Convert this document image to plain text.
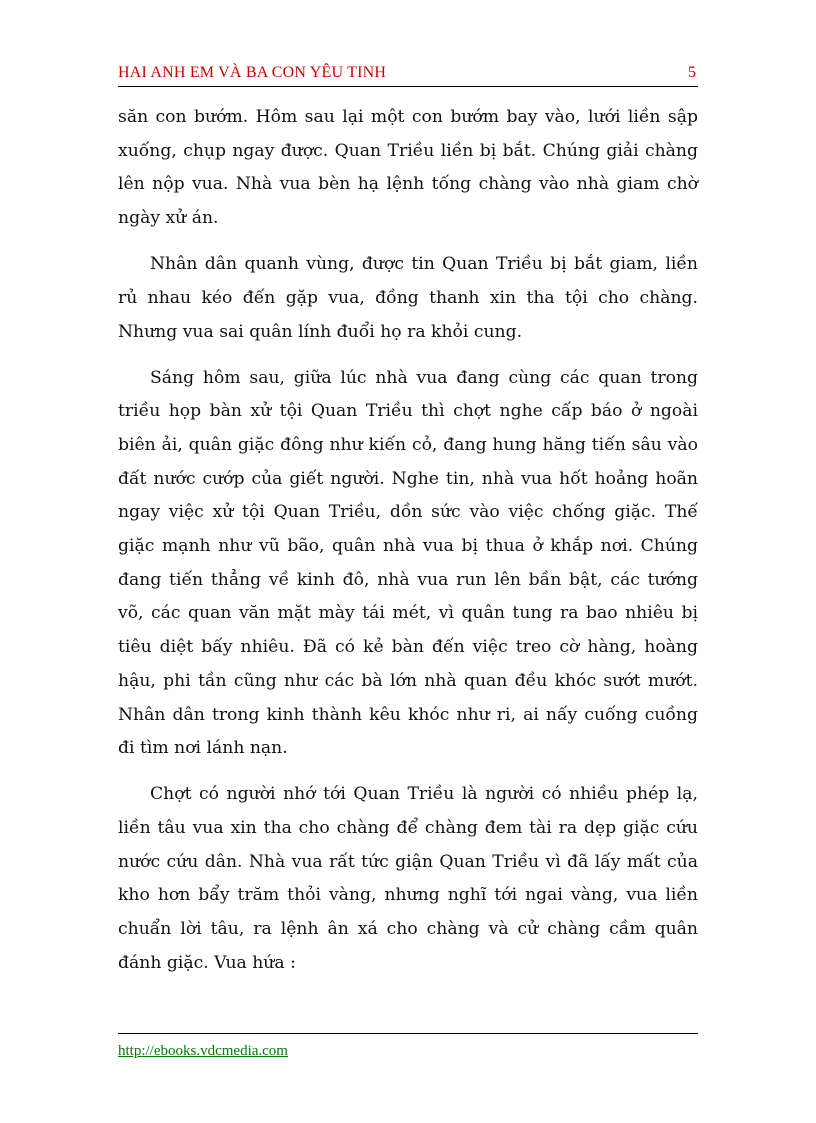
HAI ANH EM VÀ BA CON YÊU TINH	5

săn con bướm. Hôm sau lại một con bướm bay vào, lưới liền sập xuống, chụp ngay được. Quan Triều liền bị bắt. Chúng giải chàng lên nộp vua. Nhà vua bèn hạ lệnh tống chàng vào nhà giam chờ ngày xử án.

Nhân dân quanh vùng, được tin Quan Triều bị bắt giam, liền rủ nhau kéo đến gặp vua, đồng thanh xin tha tội cho chàng. Nhưng vua sai quân lính đuổi họ ra khỏi cung.

Sáng hôm sau, giữa lúc nhà vua đang cùng các quan trong triều họp bàn xử tội Quan Triều thì chợt nghe cấp báo ở ngoài biên ải, quân giặc đông như kiến cỏ, đang hung hăng tiến sâu vào đất nước cướp của giết người. Nghe tin, nhà vua hốt hoảng hoãn ngay việc xử tội Quan Triều, dồn sức vào việc chống giặc. Thế giặc mạnh như vũ bão, quân nhà vua bị thua ở khắp nơi. Chúng đang tiến thẳng về kinh đô, nhà vua run lên bần bật, các tướng võ, các quan văn mặt mày tái mét, vì quân tung ra bao nhiêu bị tiêu diệt bấy nhiêu. Đã có kẻ bàn đến việc treo cờ hàng, hoàng hậu, phi tần cũng như các bà lớn nhà quan đều khóc sướt mướt. Nhân dân trong kinh thành kêu khóc như ri, ai nấy cuống cuồng đi tìm nơi lánh nạn.

Chợt có người nhớ tới Quan Triều là người có nhiều phép lạ, liền tâu vua xin tha cho chàng để chàng đem tài ra dẹp giặc cứu nước cứu dân. Nhà vua rất tức giận Quan Triều vì đã lấy mất của kho hơn bẩy trăm thỏi vàng, nhưng nghĩ tới ngai vàng, vua liền chuẩn lời tâu, ra lệnh ân xá cho chàng và cử chàng cầm quân đánh giặc. Vua hứa :

http://ebooks.vdcmedia.com
